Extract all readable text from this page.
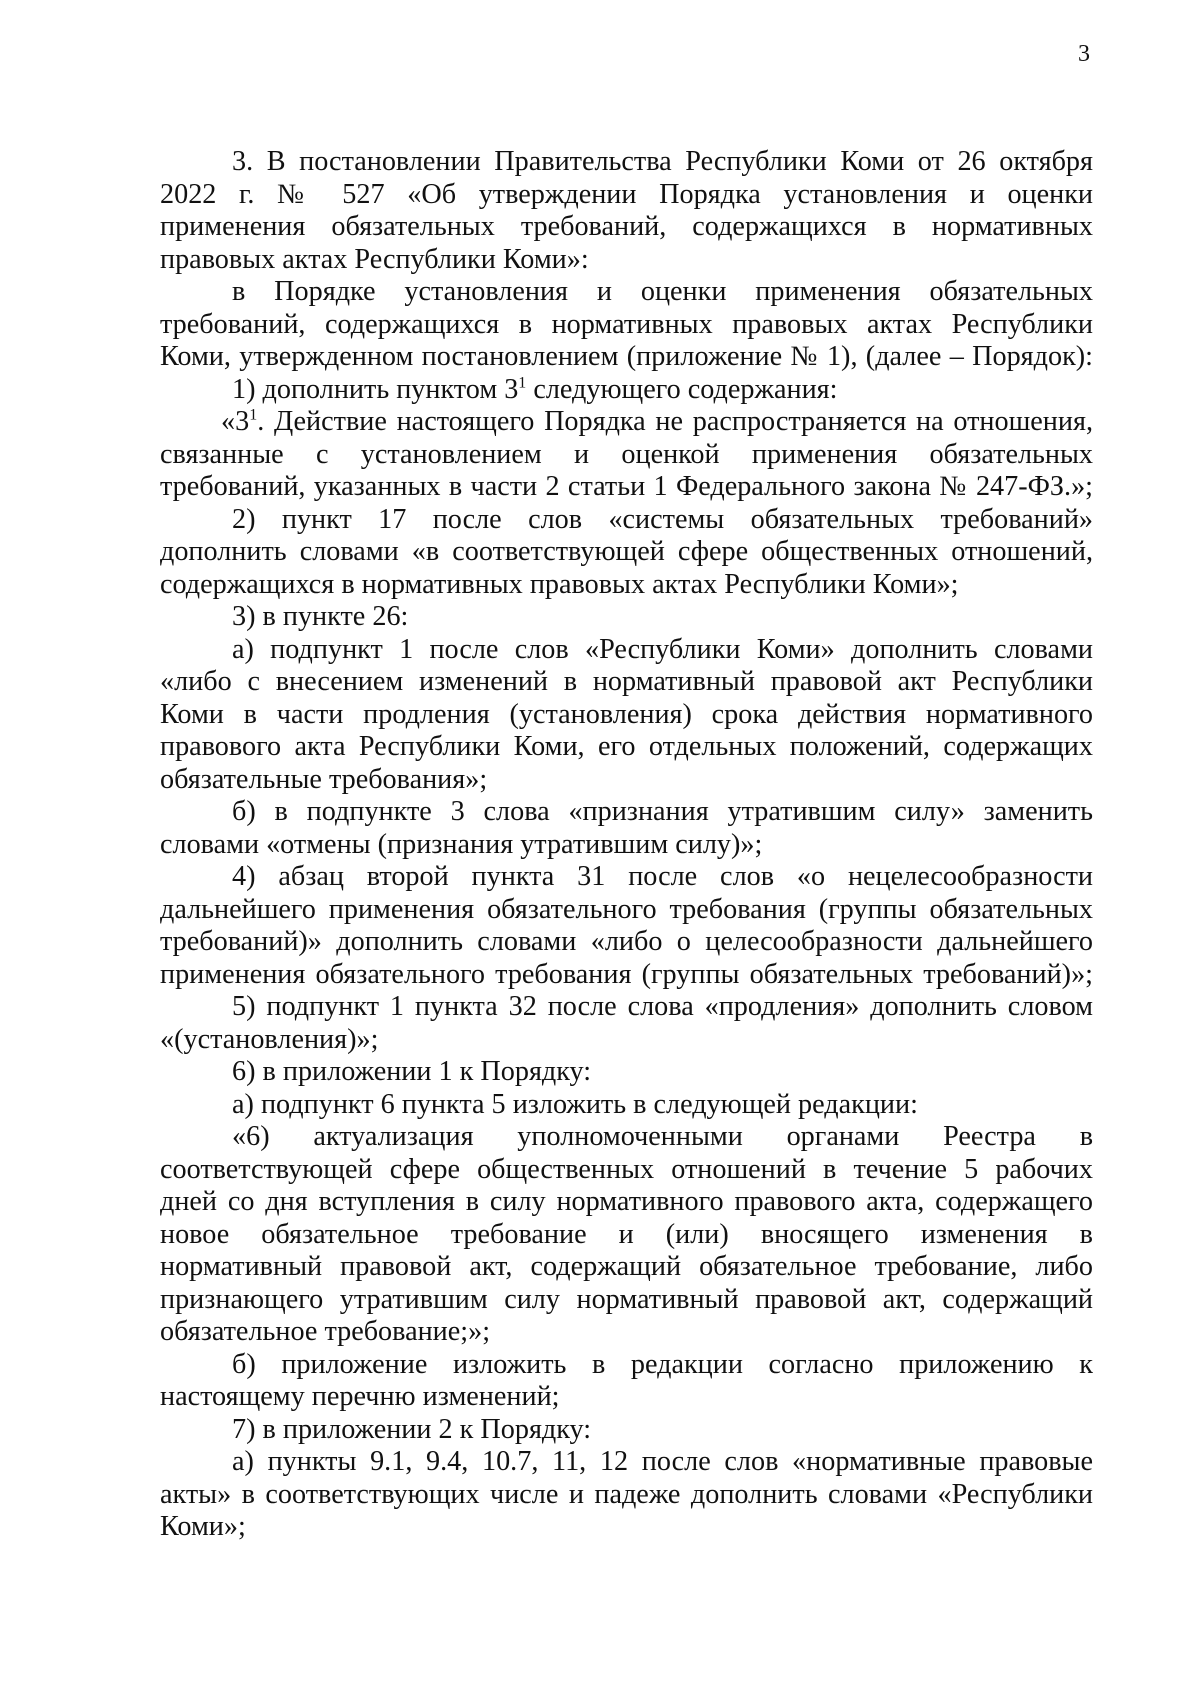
3

3. В постановлении Правительства Республики Коми от 26 октября
2022 г. № 527 «Об утверждении Порядка установления и оценки
применения обязательных требований, содержащихся в нормативных
правовых актах Республики Коми»:

в Порядке установления и оценки применения обязательных
требований, содержащихся в нормативных правовых актах Республики
Коми, утвержденном постановлением (приложение № 1), (далее – Порядок):

1) дополнить пунктом $3^1$ следующего содержания:

«$3^1$. Действие настоящего Порядка не распространяется на отношения,
связанные с установлением и оценкой применения обязательных
требований, указанных в части 2 статьи 1 Федерального закона № 247-ФЗ.»;

2) пункт 17 после слов «системы обязательных требований»
дополнить словами «в соответствующей сфере общественных отношений,
содержащихся в нормативных правовых актах Республики Коми»;

3) в пункте 26:

а) подпункт 1 после слов «Республики Коми» дополнить словами
«либо с внесением изменений в нормативный правовой акт Республики
Коми в части продления (установления) срока действия нормативного
правового акта Республики Коми, его отдельных положений, содержащих
обязательные требования»;

б) в подпункте 3 слова «признания утратившим силу» заменить
словами «отмены (признания утратившим силу)»;

4) абзац второй пункта 31 после слов «о нецелесообразности
дальнейшего применения обязательного требования (группы обязательных
требований)» дополнить словами «либо о целесообразности дальнейшего
применения обязательного требования (группы обязательных требований)»;

5) подпункт 1 пункта 32 после слова «продления» дополнить словом
«(установления)»;

6) в приложении 1 к Порядку:

а) подпункт 6 пункта 5 изложить в следующей редакции:

«6) актуализация уполномоченными органами Реестра в
соответствующей сфере общественных отношений в течение 5 рабочих
дней со дня вступления в силу нормативного правового акта, содержащего
новое обязательное требование и (или) вносящего изменения в
нормативный правовой акт, содержащий обязательное требование, либо
признающего утратившим силу нормативный правовой акт, содержащий
обязательное требование;»;

б) приложение изложить в редакции согласно приложению к
настоящему перечню изменений;

7) в приложении 2 к Порядку:

а) пункты 9.1, 9.4, 10.7, 11, 12 после слов «нормативные правовые
акты» в соответствующих числе и падеже дополнить словами «Республики
Коми»;
